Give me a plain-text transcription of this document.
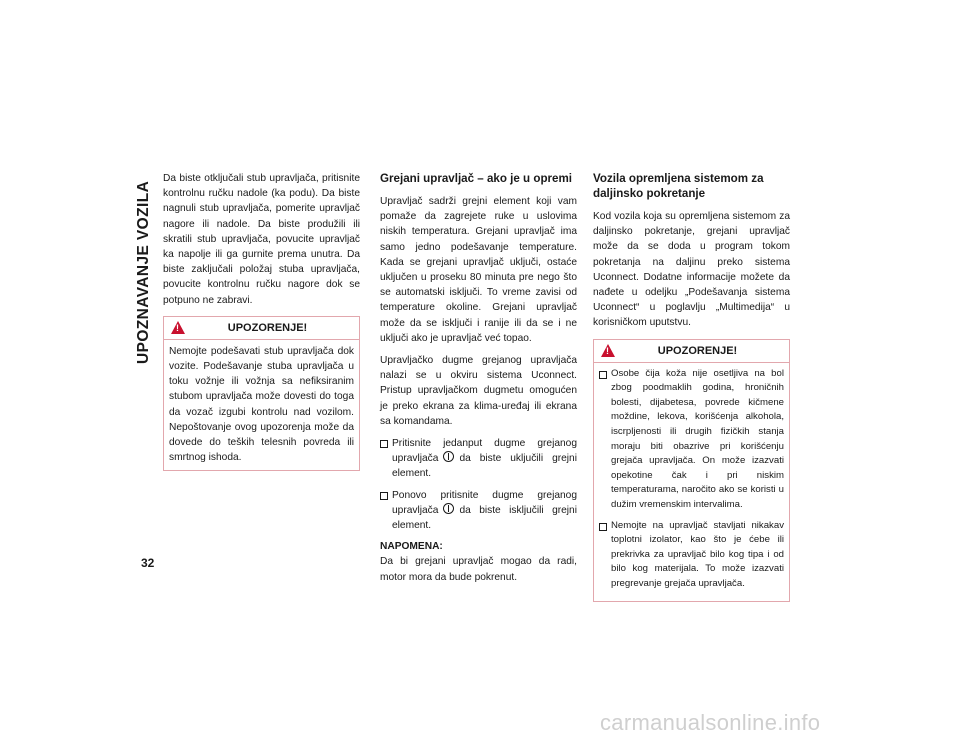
UPOZNAVANJE VOZILA
32

Da biste otključali stub upravljača, pritisnite kontrolnu ručku nadole (ka podu). Da biste nagnuli stub upravljača, pomerite upravljač nagore ili nadole. Da biste produžili ili skratili stub upravljača, povucite upravljač ka napolje ili ga gurnite prema unutra. Da biste zaključali položaj stuba upravljača, povucite kontrolnu ručku nagore dok se potpuno ne zabravi.

!	UPOZORENJE!

Nemojte podešavati stub upravljača dok vozite. Podešavanje stuba upravljača u toku vožnje ili vožnja sa nefiksiranim stubom upravljača može dovesti do toga da vozač izgubi kontrolu nad vozilom. Nepoštovanje ovog upozorenja može da dovede do teških telesnih povreda ili smrtnog ishoda.

Grejani upravljač – ako je u opremi

Upravljač sadrži grejni element koji vam pomaže da zagrejete ruke u uslovima niskih temperatura. Grejani upravljač ima samo jedno podešavanje temperature. Kada se grejani upravljač uključi, ostaće uključen u proseku 80 minuta pre nego što se automatski isključi. To vreme zavisi od temperature okoline. Grejani upravljač može da se isključi i ranije ili da se i ne uključi ako je upravljač već topao.

Upravljačko dugme grejanog upravljača nalazi se u okviru sistema Uconnect. Pristup upravljačkom dugmetu omogućen je preko ekrana za klima-uređaj ili ekrana sa komandama.

Pritisnite jedanput dugme grejanog upravljača da biste uključili grejni element.
Ponovo pritisnite dugme grejanog upravljača da biste isključili grejni element.
NAPOMENA:

Da bi grejani upravljač mogao da radi, motor mora da bude pokrenut.

Vozila opremljena sistemom za daljinsko pokretanje

Kod vozila koja su opremljena sistemom za daljinsko pokretanje, grejani upravljač može da se doda u program tokom pokretanja na daljinu preko sistema Uconnect. Dodatne informacije možete da nađete u odeljku „Podešavanja sistema Uconnect“ u poglavlju „Multimedija“ u korisničkom uputstvu.

!	UPOZORENJE!
Osobe čija koža nije osetljiva na bol zbog poodmaklih godina, hroničnih bolesti, dijabetesa, povrede kičmene moždine, lekova, korišćenja alkohola, iscrpljenosti ili drugih fizičkih stanja moraju biti obazrive pri korišćenju grejača upravljača. On može izazvati opekotine čak i pri niskim temperaturama, naročito ako se koristi u dužim vremenskim intervalima.
Nemojte na upravljač stavljati nikakav toplotni izolator, kao što je ćebe ili prekrivka za upravljač bilo kog tipa i od bilo kog materijala. To može izazvati pregrevanje grejača upravljača.
carmanualsonline.info
